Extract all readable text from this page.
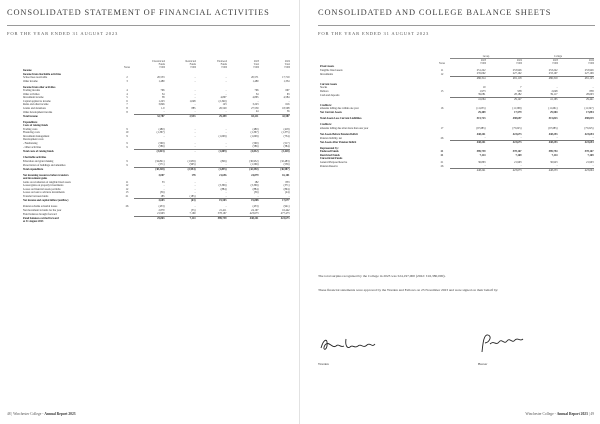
CONSOLIDATED STATEMENT OF FINANCIAL ACTIVITIES
FOR THE YEAR ENDED 31 AUGUST 2023
		Unrestricted	Restricted	Endowed	2023	2022
		Funds	Funds	Funds	Total	Total
	Notes	£'000	£'000	£'000	£'000	£'000
Income						
Income from charitable activities						
School fees receivable	2	20,553	-	-	20,571	17,719
Other income	3	1,480	-	-	1,480	1,334

Income from other activities						
Trading income	4	796	-	-	796	697
Other activities	4	34	-	-	34	63
Investment income	5	58	-	4,807	4,865	4,584
Capital applied to income	6	1,223	1,048	(2,340)	-	-
Rents and other income	7	3,846	-	123	3,223	616
Grants and donations	8	1.0	885	26,529	27,559	18,508
Other development income	8	-	-	-	24	56
Total income		32,787	2,933	29,499	65,211	42,587

Expenditure						
Costs of raising funds						
Trading costs	9	(480)	-	-	(480)	(418)
Financing costs	10	(1,367)	-	-	(1,367)	(1,375)
Investment management	9	-	-	(1,009)	(1,009)	(734)
Development costs						
- Fundraising	9	(590)	-	-	(590)	(517)
- Other activities	9	(586)	-	-	(586)	(384)
Total costs of raising funds		(3,023)	-	(1,009)	(4,032)	(3,428)

Charitable activities						
Education and grant making	9	(34,821)	(1,959)	(826)	(36,952)	(32,483)
Preservation of buildings and amenities	9	(571)	(995)	-	(1,566)	(536)
Total expenditure		(38,328)	(2,954)	(1,835)	(42,550)	(36,987)

Net incoming resources before transfers		3,007	178	21,656	24,879	16,101
and investment gains						
Gains on revaluation of tangible fixed assets	11	33	-	-	182	853
Losses/gains on property investments	12	-	-	(3,369)	(3,369)	(371)
Losses on financial assets portfolio	12	-	-	(884)	(884)	(894)
Losses on loan to advance investments	13	(36)	-	-	(36)	(24)
Transfer between funds	21	185	(185)	-	-	-
Net income and capital inflow/(outflow)		3,603	(63)	19,503	19,808	17,077

Pension scheme actuarial losses	26	(433)	-	-	(433)	(941)
Net movement in funds for the year		2,870	(55)	21,411	24,197	16,442
Fund balances brought forward		21,993	7,169	578,167	423,673	477,473
Fund balances carried forward		25,863	7,114	589,739	448,241	423,673
at 31 August 2023						
48 | Winchester College - Annual Report 2023
CONSOLIDATED AND COLLEGE BALANCE SHEETS
FOR THE YEAR ENDED 31 AUGUST 2023
		Group		College	
		2023	2022	2023	2022
	Notes	£'000	£'000	£'000	£'000
Fixed Assets					
Tangible fixed assets	11	251,222	253,926	253,222	253,926
Investments	12	235,092	227,192	233,197	227,199
		486,314	481,118	486,319	481,125

Current Assets					
Stocks		10	7	-	-
Debtors	15	1,973	958	2,048	838
Cash and deposits		39,081	28,182	39,117	28,603
		41,064	29,147	41,165	29,441

Creditors:					
amounts falling due within one year	16	(11,655)	(11,568)	(11,661)	(11,547)
Net Current Assets		29,409	17,579	29,504	17,894

Total Assets Less Current Liabilities		515,723	498,697	515,823	498,019

Creditors:					
amounts falling due after more than one year	17	(67,685)	(75,025)	(67,685)	(75,025)

Net Assets Before Pension Deficit		448,241	423,673	448,253	423,694
Pension liability, net	26	-	-	-	-
Net Assets After Pension Deficit		448,241	423,673	448,253	423,694

Represented by:					
Endowed Funds	21	589,739	578,167	589,754	578,167
Restricted Funds	21	7,114	7,169	7,114	7,169
Unrestricted Funds					
General Purpose Reserve	21	36,863	21,993	36,923	21,993
Pension Reserve	26	-	-	-	-
		448,241	423,673	448,253	423,694
The total surplus recognised by the College in 2023 was £24,197,000 (2022: £16,380,000).
These financial statements were approved by the Warden and Fellows on 23 November 2023 and were signed on their behalf by:
Warden	Bursar
Winchester College - Annual Report 2023 | 49
